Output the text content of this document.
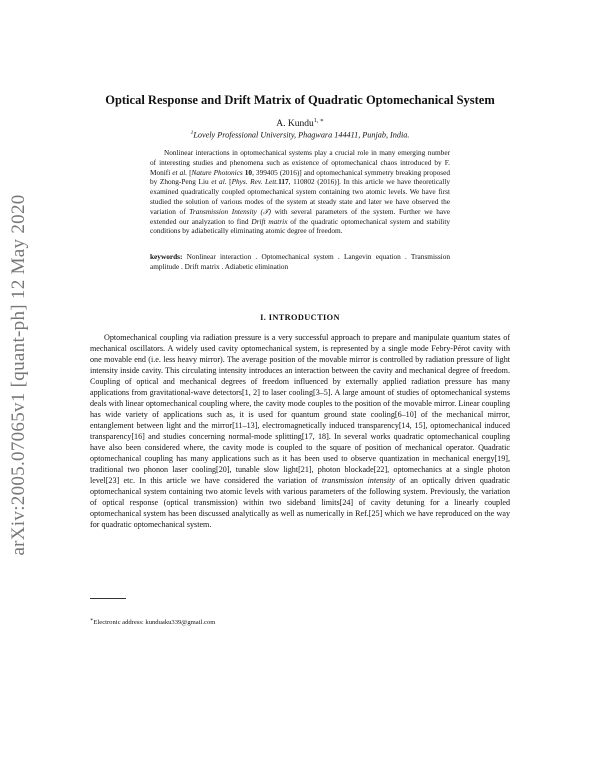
arXiv:2005.07065v1 [quant-ph] 12 May 2020
Optical Response and Drift Matrix of Quadratic Optomechanical System
A. Kundu$^{1, ∗}$
$^1$Lovely Professional University, Phagwara 144411, Punjab, India.
Nonlinear interactions in optomechanical systems play a crucial role in many emerging number of interesting studies and phenomena such as existence of optomechanical chaos introduced by F. Monifi et al. [Nature Photonics 10, 399405 (2016)] and optomechanical symmetry breaking proposed by Zhong-Peng Liu et al. [Phys. Rev. Lett.117, 110802 (2016)]. In this article we have theoretically examined quadratically coupled optomechanical system containing two atomic levels. We have first studied the solution of various modes of the system at steady state and later we have observed the variation of Transmission Intensity (𝒯) with several parameters of the system. Further we have extended our analyzation to find Drift matrix of the quadratic optomechanical system and stability conditions by adiabetically eliminating atomic degree of freedom.
keywords: Nonlinear interaction . Optomechanical system . Langevin equation . Transmission amplitude . Drift matrix . Adiabetic elimination
I. INTRODUCTION
Optomechanical coupling via radiation pressure is a very successful approach to prepare and manipulate quantum states of mechanical oscillators. A widely used cavity optomechanical system, is represented by a single mode Febry-Pérot cavity with one movable end (i.e. less heavy mirror). The average position of the movable mirror is controlled by radiation pressure of light intensity inside cavity. This circulating intensity introduces an interaction between the cavity and mechanical degree of freedom. Coupling of optical and mechanical degrees of freedom influenced by externally applied radiation pressure has many applications from gravitational-wave detectors[1, 2] to laser cooling[3–5]. A large amount of studies of optomechanical systems deals with linear optomechanical coupling where, the cavity mode couples to the position of the movable mirror. Linear coupling has wide variety of applications such as, it is used for quantum ground state cooling[6–10] of the mechanical mirror, entanglement between light and the mirror[11–13], electromagnetically induced transparency[14, 15], optomechanical induced transparency[16] and studies concerning normal-mode splitting[17, 18]. In several works quadratic optomechanical coupling have also been considered where, the cavity mode is coupled to the square of position of mechanical operator. Quadratic optomechanical coupling has many applications such as it has been used to observe quantization in mechanical energy[19], traditional two phonon laser cooling[20], tunable slow light[21], photon blockade[22], optomechanics at a single photon level[23] etc. In this article we have considered the variation of transmission intensity of an optically driven quadratic optomechanical system containing two atomic levels with various parameters of the following system. Previously, the variation of optical response (optical transmission) within two sideband limits[24] of cavity detuning for a linearly coupled optomechanical system has been discussed analytically as well as numerically in Ref.[25] which we have reproduced on the way for quadratic optomechanical system.
∗Electronic address: kunduaku339@gmail.com
